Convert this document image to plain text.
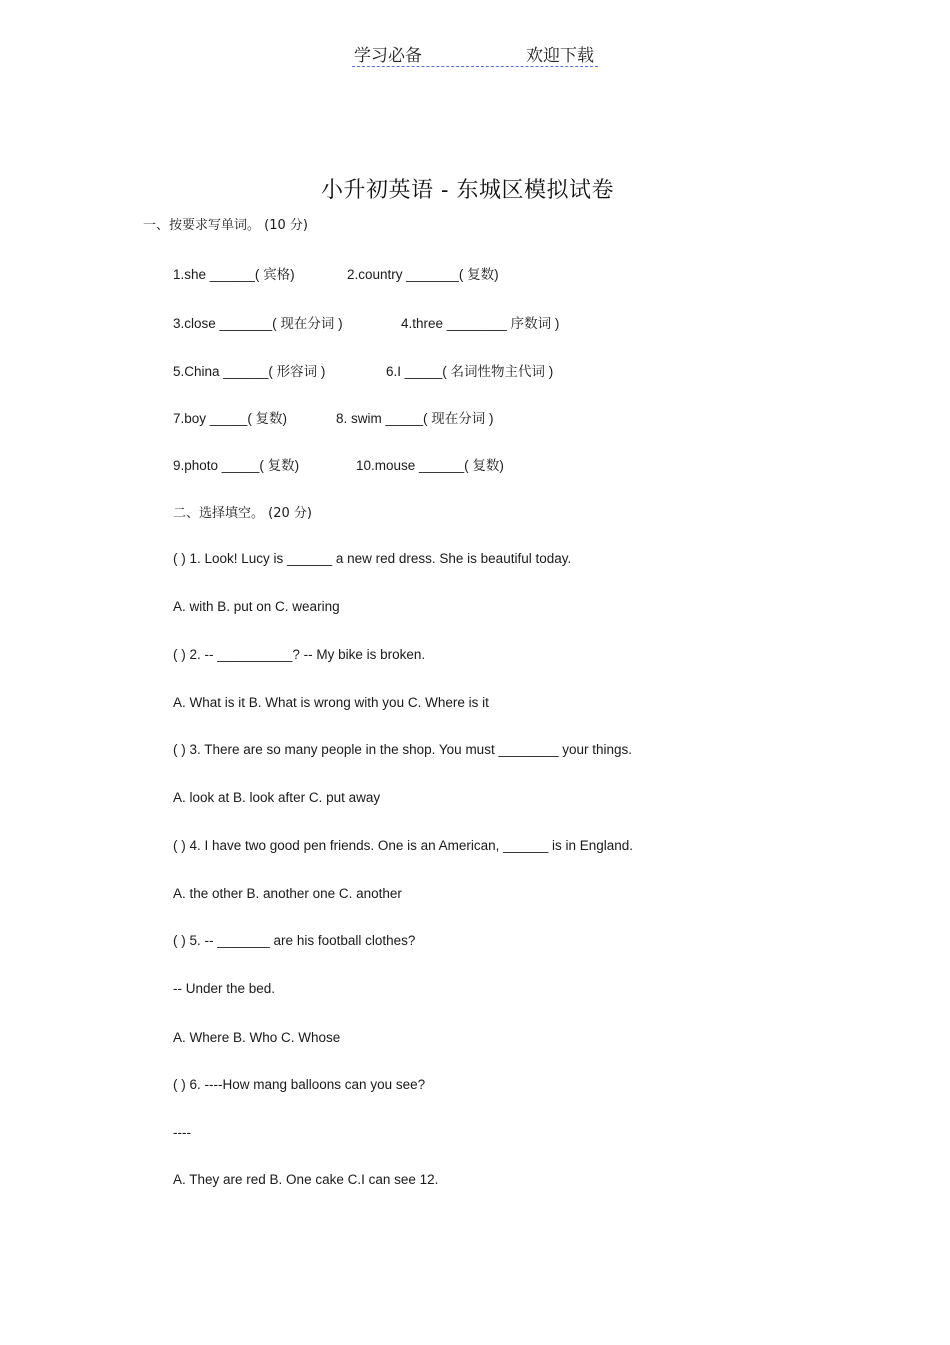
学习必备	欢迎下载
小升初英语 - 东城区模拟试卷
一、按要求写单词。 (10 分)
1.she ______( 宾格)	2.country _______( 复数)
3.close _______( 现在分词 )	4.three ________ 序数词 )
5.China ______( 形容词 )	6.I _____( 名词性物主代词 )
7.boy _____( 复数)	8. swim _____( 现在分词 )
9.photo _____( 复数)	10.mouse ______( 复数)
二、选择填空。 (20 分)
( ) 1. Look! Lucy is ______ a new red dress. She is beautiful today.
A. with B. put on C. wearing
( ) 2. -- __________? -- My bike is broken.
A. What is it B. What is wrong with you C. Where is it
( ) 3. There are so many people in the shop. You must ________ your things.
A. look at B. look after C. put away
( ) 4. I have two good pen friends. One is an American, ______ is in England.
A. the other B. another one C. another
( ) 5. -- _______ are his football clothes?
-- Under the bed.
A. Where B. Who C. Whose
( ) 6. ----How mang balloons can you see?
----
A. They are red B. One cake C.I can see 12.
